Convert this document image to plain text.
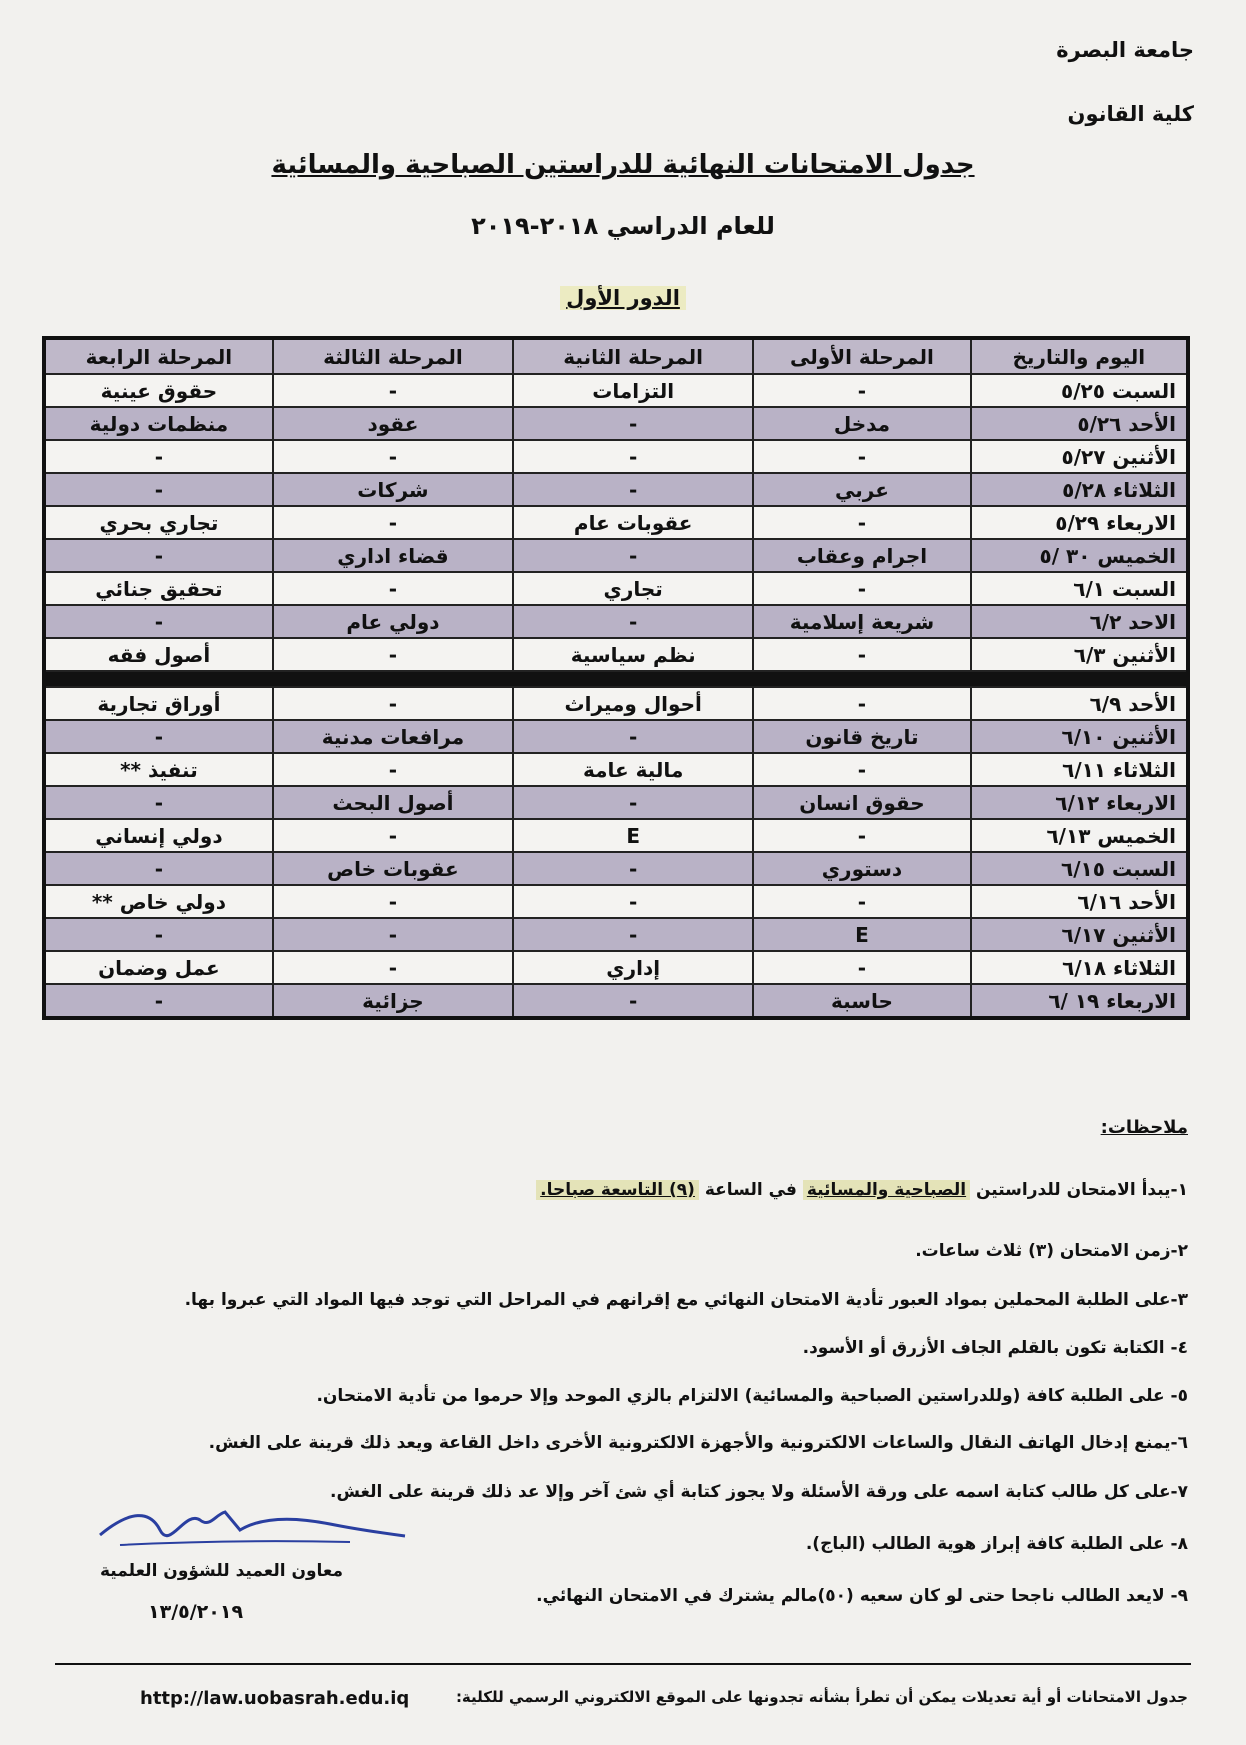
جامعة البصرة
كلية القانون
جدول الامتحانات النهائية للدراستين الصباحية والمسائية
للعام الدراسي ٢٠١٨-٢٠١٩
الدور الأول
اليوم والتاريخ	المرحلة الأولى	المرحلة الثانية	المرحلة الثالثة	المرحلة الرابعة
السبت ٥/٢٥	-	التزامات	-	حقوق عينية
الأحد ٥/٢٦	مدخل	-	عقود	منظمات دولية
الأثنين ٥/٢٧	-	-	-	-
الثلاثاء ٥/٢٨	عربي	-	شركات	-
الاربعاء ٥/٢٩	-	عقوبات عام	-	تجاري بحري
الخميس ٣٠ /٥	اجرام وعقاب	-	قضاء اداري	-
السبت ٦/١	-	تجاري	-	تحقيق جنائي
الاحد ٦/٢	شريعة إسلامية	-	دولي عام	-
الأثنين ٦/٣	-	نظم سياسية	-	أصول فقه

الأحد ٦/٩	-	أحوال وميراث	-	أوراق تجارية
الأثنين ٦/١٠	تاريخ قانون	-	مرافعات مدنية	-
الثلاثاء ٦/١١	-	مالية عامة	-	تنفيذ **
الاربعاء ٦/١٢	حقوق انسان	-	أصول البحث	-
الخميس ٦/١٣	-	E	-	دولي إنساني
السبت ٦/١٥	دستوري	-	عقوبات خاص	-
الأحد ٦/١٦	-	-	-	دولي خاص **
الأثنين ٦/١٧	E	-	-	-
الثلاثاء ٦/١٨	-	إداري	-	عمل وضمان
الاربعاء ١٩ /٦	حاسبة	-	جزائية	-
ملاحظات:
١-يبدأ الامتحان للدراستين الصباحية والمسائية في الساعة (٩) التاسعة صباحا.
٢-زمن الامتحان (٣) ثلاث ساعات.
٣-على الطلبة المحملين بمواد العبور تأدية الامتحان النهائي مع إقرانهم في المراحل التي توجد فيها المواد التي عبروا بها.
٤- الكتابة تكون بالقلم الجاف الأزرق أو الأسود.
٥- على الطلبة كافة (وللدراستين الصباحية والمسائية) الالتزام بالزي الموحد وإلا حرموا من تأدية الامتحان.
٦-يمنع إدخال الهاتف النقال والساعات الالكترونية والأجهزة الالكترونية الأخرى داخل القاعة ويعد ذلك قرينة على الغش.
٧-على كل طالب كتابة اسمه على ورقة الأسئلة ولا يجوز كتابة أي شئ آخر وإلا عد ذلك قرينة على الغش.
٨- على الطلبة كافة إبراز هوية الطالب (الباج).
٩- لايعد الطالب ناجحا حتى لو كان سعيه (٥٠)مالم يشترك في الامتحان النهائي.
معاون العميد للشؤون العلمية
١٣/٥/٢٠١٩
http://law.uobasrah.edu.iq	جدول الامتحانات أو أية تعديلات يمكن أن تطرأ بشأنه تجدونها على الموقع الالكتروني الرسمي للكلية:
